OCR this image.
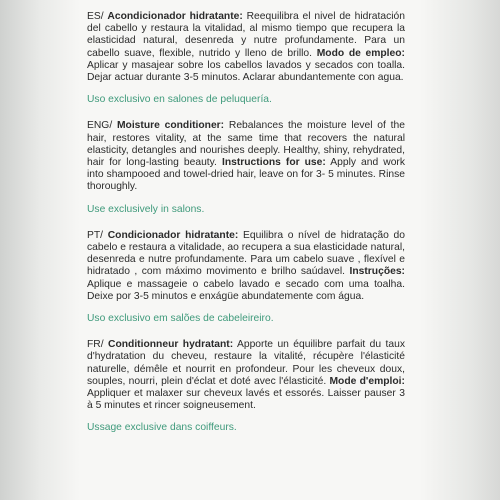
ES/ Acondicionador hidratante: Reequilibra el nivel de hidratación del cabello y restaura la vitalidad, al mismo tiempo que recupera la elasticidad natural, desenreda y nutre profundamente. Para un cabello suave, flexible, nutrido y lleno de brillo. Modo de empleo: Aplicar y masajear sobre los cabellos lavados y secados con toalla. Dejar actuar durante 3-5 minutos. Aclarar abundantemente con agua.

Uso exclusivo en salones de peluquería.

ENG/ Moisture conditioner: Rebalances the moisture level of the hair, restores vitality, at the same time that recovers the natural elasticity, detangles and nourishes deeply. Healthy, shiny, rehydrated, hair for long-lasting beauty. Instructions for use: Apply and work into shampooed and towel-dried hair, leave on for 3- 5 minutes. Rinse thoroughly.

Use exclusively in salons.

PT/ Condicionador hidratante: Equilibra o nível de hidratação do cabelo e restaura a vitalidade, ao recupera a sua elasticidade natural, desenreda e nutre profundamente. Para um cabelo suave , flexível e hidratado , com máximo movimento e brilho saúdavel. Instruções: Aplique e massageie o cabelo lavado e secado com uma toalha. Deixe por 3-5 minutos e enxágüe abundatemente com água.

Uso exclusivo em salões de cabeleireiro.

FR/ Conditionneur hydratant: Apporte un équilibre parfait du taux d'hydratation du cheveu, restaure la vitalité, récupère l'élasticité naturelle, démêle et nourrit en profondeur. Pour les cheveux doux, souples, nourri, plein d'éclat et doté avec l'élasticité. Mode d'emploi: Appliquer et malaxer sur cheveux lavés et essorés. Laisser pauser 3 à 5 minutes et rincer soigneusement.

Ussage exclusive dans coiffeurs.
